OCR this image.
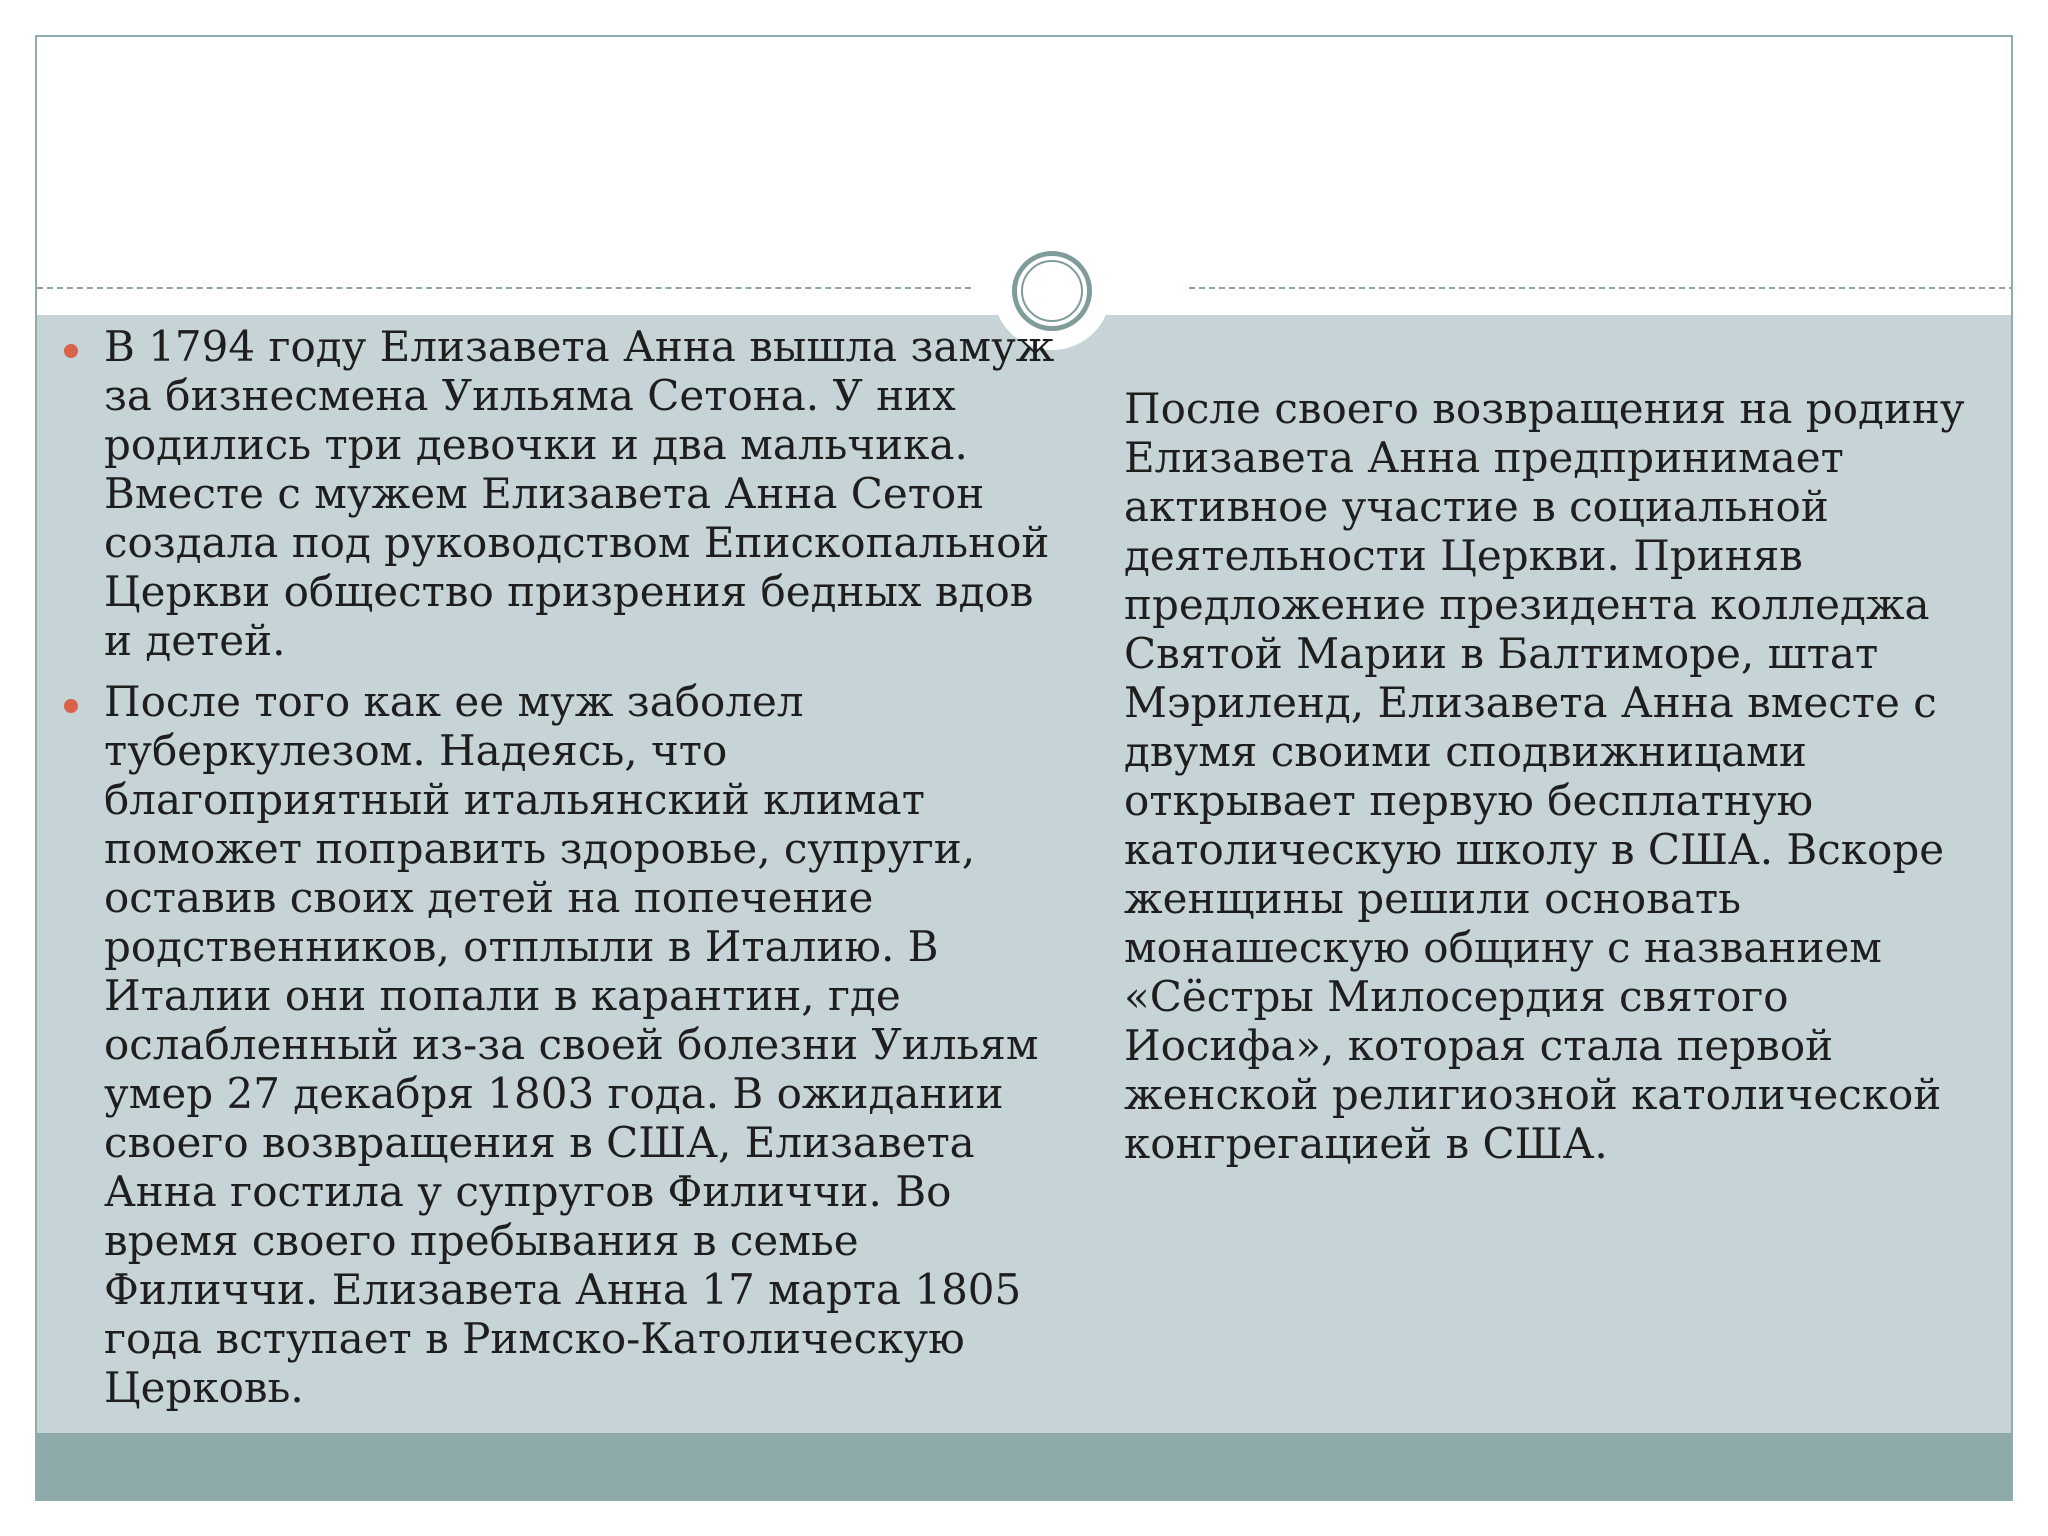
В 1794 году Елизавета Анна вышла замуж за бизнесмена Уильяма Сетона. У них родились три девочки и два мальчика. Вместе с мужем Елизавета Анна Сетон создала под руководством Епископальной Церкви общество призрения бедных вдов и детей.

После того как ее муж заболел туберкулезом. Надеясь, что благоприятный итальянский климат поможет поправить здоровье, супруги, оставив своих детей на попечение родственников, отплыли в Италию. В Италии они попали в карантин, где ослабленный из-за своей болезни Уильям умер 27 декабря 1803 года. В ожидании своего возвращения в США, Елизавета Анна гостила у супругов Филиччи. Во время своего пребывания в семье Филиччи. Елизавета Анна 17 марта 1805 года вступает в Римско-Католическую Церковь.

После своего возвращения на родину Елизавета Анна предпринимает активное участие в социальной деятельности Церкви. Приняв предложение президента колледжа Святой Марии в Балтиморе, штат Мэриленд, Елизавета Анна вместе с двумя своими сподвижницами открывает первую бесплатную католическую школу в США. Вскоре женщины решили основать монашескую общину с названием «Сёстры Милосердия святого Иосифа», которая стала первой женской религиозной католической конгрегацией в США.
